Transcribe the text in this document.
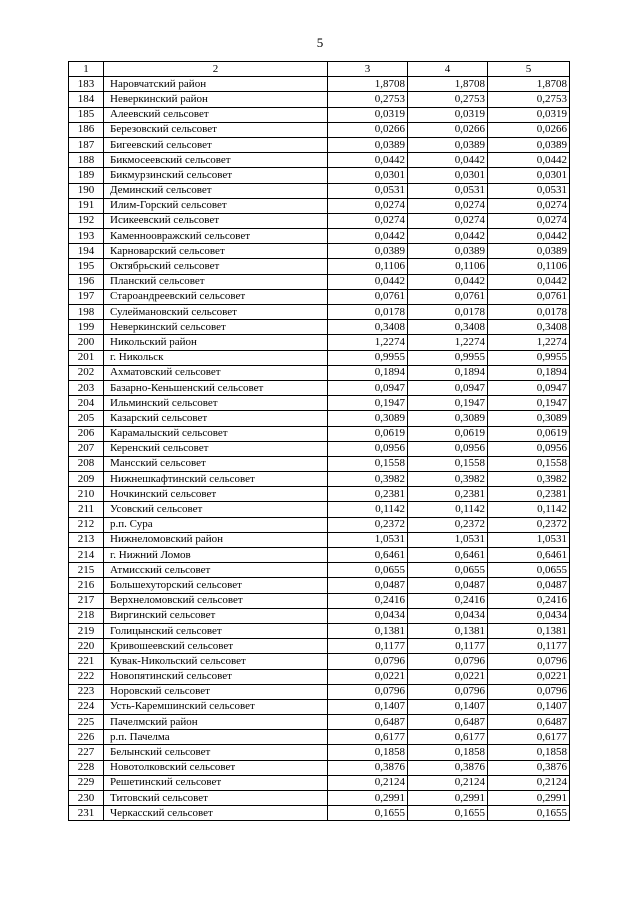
5
1	2	3	4	5
183	Наровчатский район	1,8708	1,8708	1,8708
184	Неверкинский район	0,2753	0,2753	0,2753
185	Алеевский сельсовет	0,0319	0,0319	0,0319
186	Березовский сельсовет	0,0266	0,0266	0,0266
187	Бигеевский сельсовет	0,0389	0,0389	0,0389
188	Бикмосеевский сельсовет	0,0442	0,0442	0,0442
189	Бикмурзинский сельсовет	0,0301	0,0301	0,0301
190	Деминский сельсовет	0,0531	0,0531	0,0531
191	Илим-Горский сельсовет	0,0274	0,0274	0,0274
192	Исикеевский сельсовет	0,0274	0,0274	0,0274
193	Каменноовражский сельсовет	0,0442	0,0442	0,0442
194	Карноварский сельсовет	0,0389	0,0389	0,0389
195	Октябрьский сельсовет	0,1106	0,1106	0,1106
196	Планский сельсовет	0,0442	0,0442	0,0442
197	Староандреевский сельсовет	0,0761	0,0761	0,0761
198	Сулеймановский сельсовет	0,0178	0,0178	0,0178
199	Неверкинский сельсовет	0,3408	0,3408	0,3408
200	Никольский район	1,2274	1,2274	1,2274
201	г. Никольск	0,9955	0,9955	0,9955
202	Ахматовский сельсовет	0,1894	0,1894	0,1894
203	Базарно-Кеньшенский сельсовет	0,0947	0,0947	0,0947
204	Ильминский сельсовет	0,1947	0,1947	0,1947
205	Казарский сельсовет	0,3089	0,3089	0,3089
206	Карамалыский сельсовет	0,0619	0,0619	0,0619
207	Керенский сельсовет	0,0956	0,0956	0,0956
208	Мансский сельсовет	0,1558	0,1558	0,1558
209	Нижнешкафтинский сельсовет	0,3982	0,3982	0,3982
210	Ночкинский сельсовет	0,2381	0,2381	0,2381
211	Усовский сельсовет	0,1142	0,1142	0,1142
212	р.п. Сура	0,2372	0,2372	0,2372
213	Нижнеломовский район	1,0531	1,0531	1,0531
214	г. Нижний Ломов	0,6461	0,6461	0,6461
215	Атмисский сельсовет	0,0655	0,0655	0,0655
216	Большехуторский сельсовет	0,0487	0,0487	0,0487
217	Верхнеломовский сельсовет	0,2416	0,2416	0,2416
218	Виргинский сельсовет	0,0434	0,0434	0,0434
219	Голицынский сельсовет	0,1381	0,1381	0,1381
220	Кривошеевский сельсовет	0,1177	0,1177	0,1177
221	Кувак-Никольский сельсовет	0,0796	0,0796	0,0796
222	Новопятинский сельсовет	0,0221	0,0221	0,0221
223	Норовский сельсовет	0,0796	0,0796	0,0796
224	Усть-Каремшинский сельсовет	0,1407	0,1407	0,1407
225	Пачелмский район	0,6487	0,6487	0,6487
226	р.п. Пачелма	0,6177	0,6177	0,6177
227	Белынский сельсовет	0,1858	0,1858	0,1858
228	Новотолковский сельсовет	0,3876	0,3876	0,3876
229	Решетинский сельсовет	0,2124	0,2124	0,2124
230	Титовский сельсовет	0,2991	0,2991	0,2991
231	Черкасский сельсовет	0,1655	0,1655	0,1655
